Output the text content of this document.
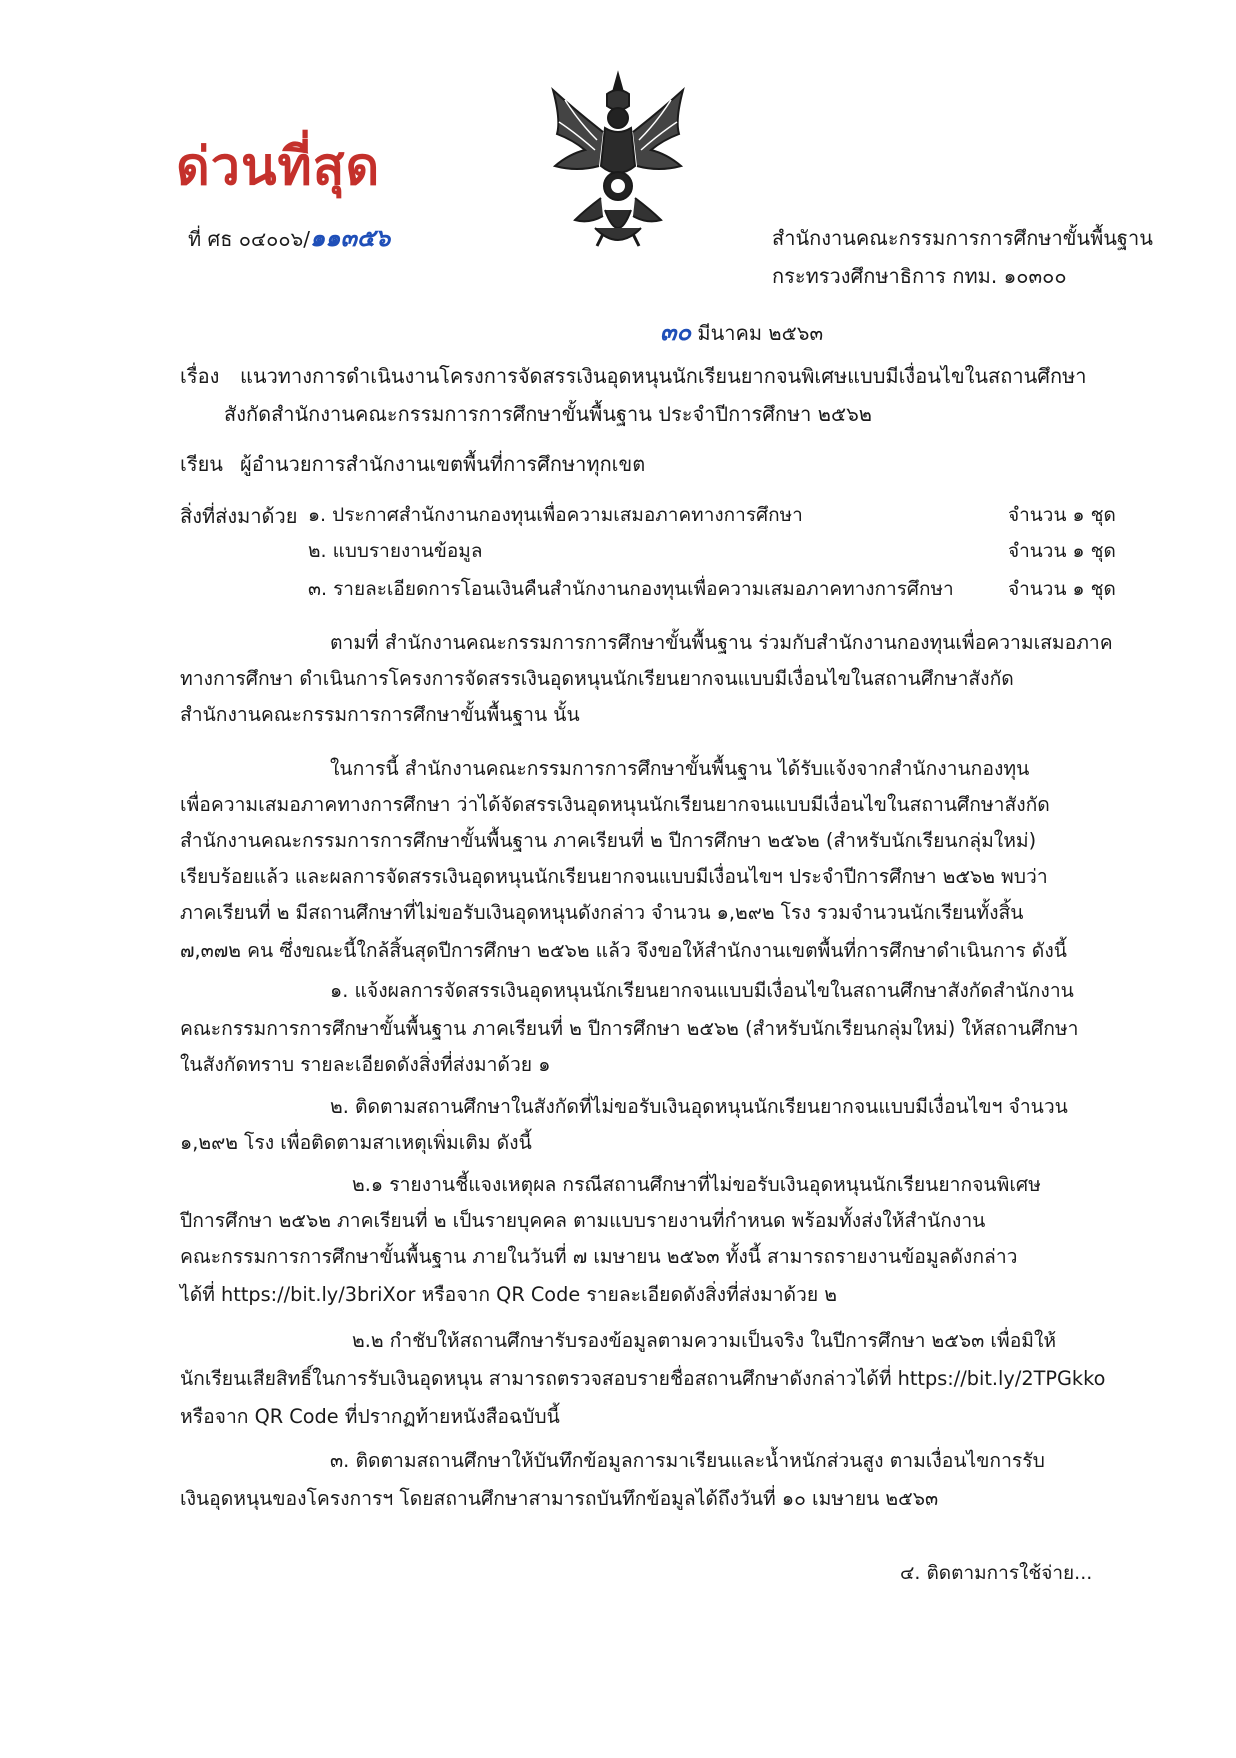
ด่วนที่สุด
ที่ ศธ ๐๔๐๐๖/๑๑๓๕๖	สำนักงานคณะกรรมการการศึกษาขั้นพื้นฐาน
กระทรวงศึกษาธิการ กทม. ๑๐๓๐๐
๓๐ มีนาคม ๒๕๖๓
เรื่อง แนวทางการดำเนินงานโครงการจัดสรรเงินอุดหนุนนักเรียนยากจนพิเศษแบบมีเงื่อนไขในสถานศึกษา
สังกัดสำนักงานคณะกรรมการการศึกษาขั้นพื้นฐาน ประจำปีการศึกษา ๒๕๖๒
เรียน ผู้อำนวยการสำนักงานเขตพื้นที่การศึกษาทุกเขต
สิ่งที่ส่งมาด้วย ๑. ประกาศสำนักงานกองทุนเพื่อความเสมอภาคทางการศึกษา	จำนวน ๑ ชุด
๒. แบบรายงานข้อมูล	จำนวน ๑ ชุด
๓. รายละเอียดการโอนเงินคืนสำนักงานกองทุนเพื่อความเสมอภาคทางการศึกษา	จำนวน ๑ ชุด
ตามที่ สำนักงานคณะกรรมการการศึกษาขั้นพื้นฐาน ร่วมกับสำนักงานกองทุนเพื่อความเสมอภาค
ทางการศึกษา ดำเนินการโครงการจัดสรรเงินอุดหนุนนักเรียนยากจนแบบมีเงื่อนไขในสถานศึกษาสังกัด
สำนักงานคณะกรรมการการศึกษาขั้นพื้นฐาน นั้น
ในการนี้ สำนักงานคณะกรรมการการศึกษาขั้นพื้นฐาน ได้รับแจ้งจากสำนักงานกองทุน
เพื่อความเสมอภาคทางการศึกษา ว่าได้จัดสรรเงินอุดหนุนนักเรียนยากจนแบบมีเงื่อนไขในสถานศึกษาสังกัด
สำนักงานคณะกรรมการการศึกษาขั้นพื้นฐาน ภาคเรียนที่ ๒ ปีการศึกษา ๒๕๖๒ (สำหรับนักเรียนกลุ่มใหม่)
เรียบร้อยแล้ว และผลการจัดสรรเงินอุดหนุนนักเรียนยากจนแบบมีเงื่อนไขฯ ประจำปีการศึกษา ๒๕๖๒ พบว่า
ภาคเรียนที่ ๒ มีสถานศึกษาที่ไม่ขอรับเงินอุดหนุนดังกล่าว จำนวน ๑,๒๙๒ โรง รวมจำนวนนักเรียนทั้งสิ้น
๗,๓๗๒ คน ซึ่งขณะนี้ใกล้สิ้นสุดปีการศึกษา ๒๕๖๒ แล้ว จึงขอให้สำนักงานเขตพื้นที่การศึกษาดำเนินการ ดังนี้
๑. แจ้งผลการจัดสรรเงินอุดหนุนนักเรียนยากจนแบบมีเงื่อนไขในสถานศึกษาสังกัดสำนักงาน
คณะกรรมการการศึกษาขั้นพื้นฐาน ภาคเรียนที่ ๒ ปีการศึกษา ๒๕๖๒ (สำหรับนักเรียนกลุ่มใหม่) ให้สถานศึกษา
ในสังกัดทราบ รายละเอียดดังสิ่งที่ส่งมาด้วย ๑
๒. ติดตามสถานศึกษาในสังกัดที่ไม่ขอรับเงินอุดหนุนนักเรียนยากจนแบบมีเงื่อนไขฯ จำนวน
๑,๒๙๒ โรง เพื่อติดตามสาเหตุเพิ่มเติม ดังนี้
๒.๑ รายงานชี้แจงเหตุผล กรณีสถานศึกษาที่ไม่ขอรับเงินอุดหนุนนักเรียนยากจนพิเศษ
ปีการศึกษา ๒๕๖๒ ภาคเรียนที่ ๒ เป็นรายบุคคล ตามแบบรายงานที่กำหนด พร้อมทั้งส่งให้สำนักงาน
คณะกรรมการการศึกษาขั้นพื้นฐาน ภายในวันที่ ๗ เมษายน ๒๕๖๓ ทั้งนี้ สามารถรายงานข้อมูลดังกล่าว
ได้ที่ https://bit.ly/3briXor หรือจาก QR Code รายละเอียดดังสิ่งที่ส่งมาด้วย ๒
๒.๒ กำชับให้สถานศึกษารับรองข้อมูลตามความเป็นจริง ในปีการศึกษา ๒๕๖๓ เพื่อมิให้
นักเรียนเสียสิทธิ์ในการรับเงินอุดหนุน สามารถตรวจสอบรายชื่อสถานศึกษาดังกล่าวได้ที่ https://bit.ly/2TPGkko
หรือจาก QR Code ที่ปรากฏท้ายหนังสือฉบับนี้
๓. ติดตามสถานศึกษาให้บันทึกข้อมูลการมาเรียนและน้ำหนักส่วนสูง ตามเงื่อนไขการรับ
เงินอุดหนุนของโครงการฯ โดยสถานศึกษาสามารถบันทึกข้อมูลได้ถึงวันที่ ๑๐ เมษายน ๒๕๖๓
๔. ติดตามการใช้จ่าย...
